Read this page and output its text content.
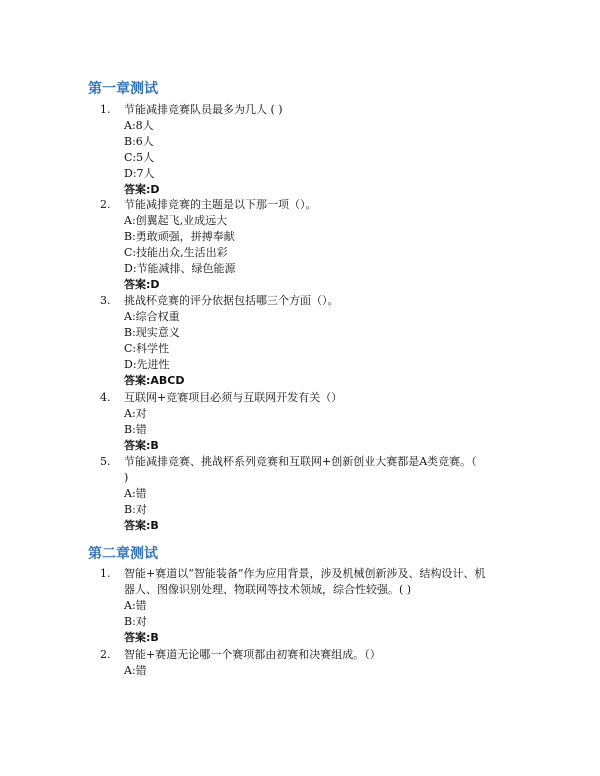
第一章测试
1.	节能减排竞赛队员最多为几人 ( )
A:8人
B:6人
C:5人
D:7人
答案:D
2.	节能减排竞赛的主题是以下那一项（）。
A:创翼起飞,业成远大
B:勇敢顽强，拼搏奉献
C:技能出众,生活出彩
D:节能减排、绿色能源
答案:D
3.	挑战杯竞赛的评分依据包括哪三个方面（）。
A:综合权重
B:现实意义
C:科学性
D:先进性
答案:ABCD
4.	互联网+竞赛项目必须与互联网开发有关（）
A:对
B:错
答案:B
5.	节能减排竞赛、挑战杯系列竞赛和互联网+创新创业大赛都是A类竞赛。（
)
A:错
B:对
答案:B
第二章测试
1.	智能+赛道以“智能装备”作为应用背景，涉及机械创新涉及、结构设计、机
器人、图像识别处理、物联网等技术领域，综合性较强。( )
A:错
B:对
答案:B
2.	智能+赛道无论哪一个赛项都由初赛和决赛组成。（）
A:错
